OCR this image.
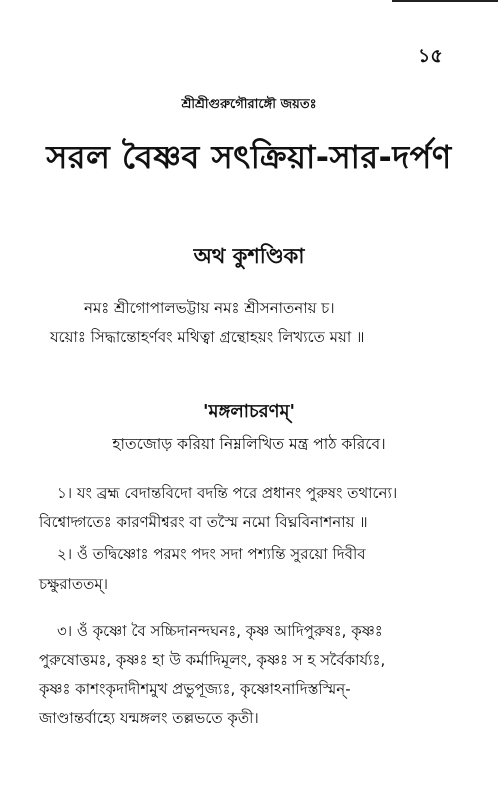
১৫
শ্রীশ্রীগুরুগৌরাঙ্গৌ জয়তঃ
সরল বৈষ্ণব সৎক্রিয়া-সার-দর্পণ
অথ কুশণ্ডিকা
নমঃ শ্রীগোপালভট্টায় নমঃ শ্রীসনাতনায় চ।
যয়োঃ সিদ্ধান্তোহর্ণবং মথিত্বা গ্রন্থোহয়ং লিখ্যতে ময়া ॥
'মঙ্গলাচরণম্'
হাতজোড় করিয়া নিম্নলিখিত মন্ত্র পাঠ করিবে।
১। যং ব্রহ্ম বেদান্তবিদো বদন্তি পরে প্রধানং পুরুষং তথান্যে।
বিশ্বোদ্গতেঃ কারণমীশ্বরং বা তস্মৈ নমো বিঘ্নবিনাশনায় ॥
২। ওঁ তদ্বিষ্ণোঃ পরমং পদং সদা পশ্যন্তি সুরয়ো দিবীব
চক্ষুরাততম্।
৩। ওঁ কৃষ্ণো বৈ সচ্চিদানন্দঘনঃ, কৃষ্ণ আদিপুরুষঃ, কৃষ্ণঃ
পুরুষোত্তমঃ, কৃষ্ণঃ হা উ কর্মাদিমূলং, কৃষ্ণঃ স হ সর্বৈকার্য্যঃ,
কৃষ্ণঃ কাশংকৃদাদীশমুখ প্রভুপূজ্যঃ, কৃষ্ণোঽনাদিস্তস্মিন্‌-
জাণ্ডান্তর্বাহ্যে যন্মঙ্গলং তল্লভতে কৃতী।
